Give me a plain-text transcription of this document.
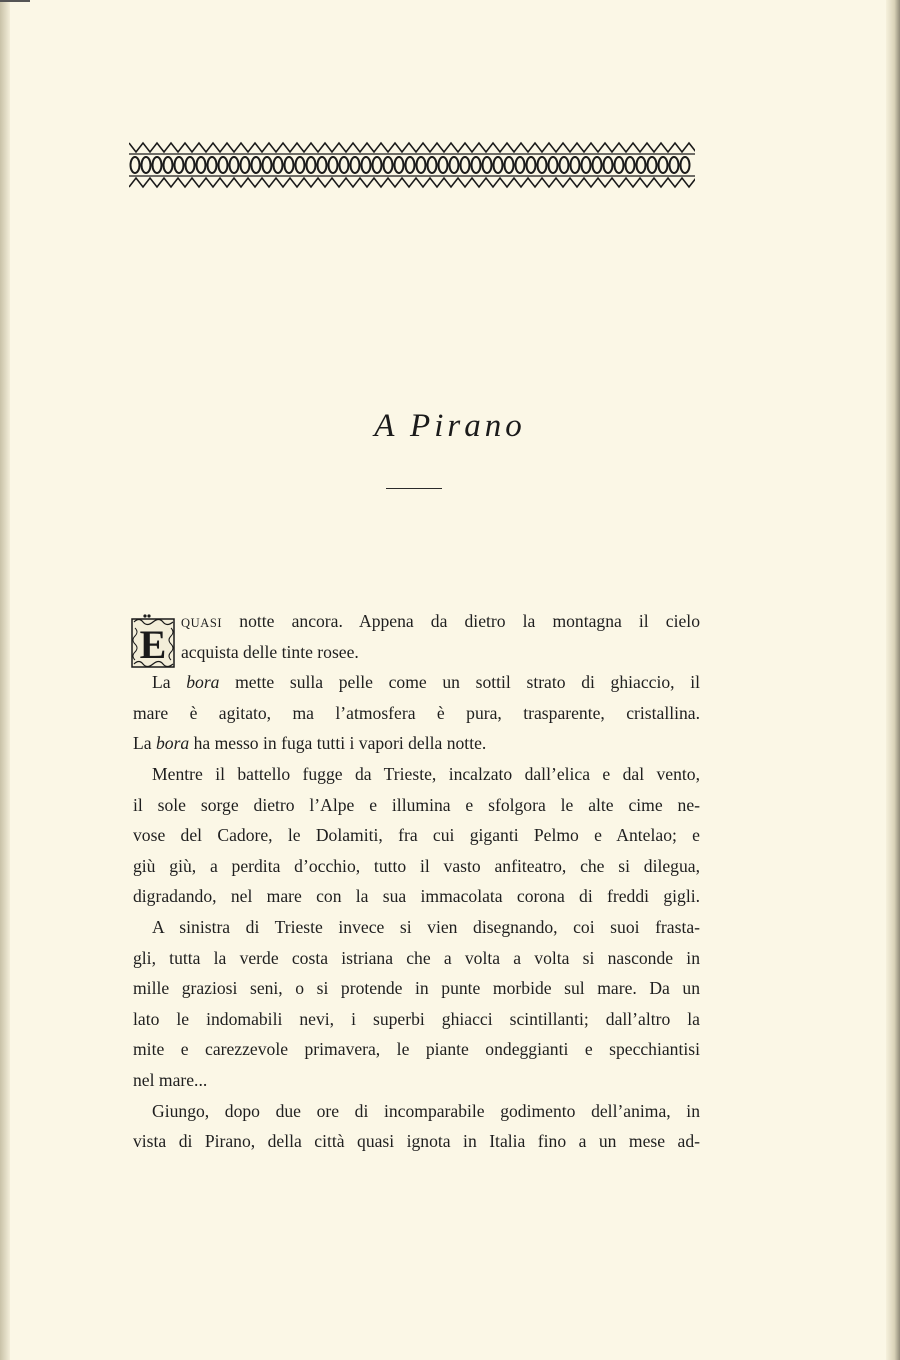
A Pirano
E	QUASI notte ancora. Appena da dietro la montagna il cielo
acquista delle tinte rosee.
La bora mette sulla pelle come un sottil strato di ghiaccio, il
mare è agitato, ma l’atmosfera è pura, trasparente, cristallina.
La bora ha messo in fuga tutti i vapori della notte.
Mentre il battello fugge da Trieste, incalzato dall’elica e dal vento,
il sole sorge dietro l’Alpe e illumina e sfolgora le alte cime ne-
vose del Cadore, le Dolamiti, fra cui giganti Pelmo e Antelao; e
giù giù, a perdita d’occhio, tutto il vasto anfiteatro, che si dilegua,
digradando, nel mare con la sua immacolata corona di freddi gigli.
A sinistra di Trieste invece si vien disegnando, coi suoi frasta-
gli, tutta la verde costa istriana che a volta a volta si nasconde in
mille graziosi seni, o si protende in punte morbide sul mare. Da un
lato le indomabili nevi, i superbi ghiacci scintillanti; dall’altro la
mite e carezzevole primavera, le piante ondeggianti e specchiantisi
nel mare...
Giungo, dopo due ore di incomparabile godimento dell’anima, in
vista di Pirano, della città quasi ignota in Italia fino a un mese ad-
